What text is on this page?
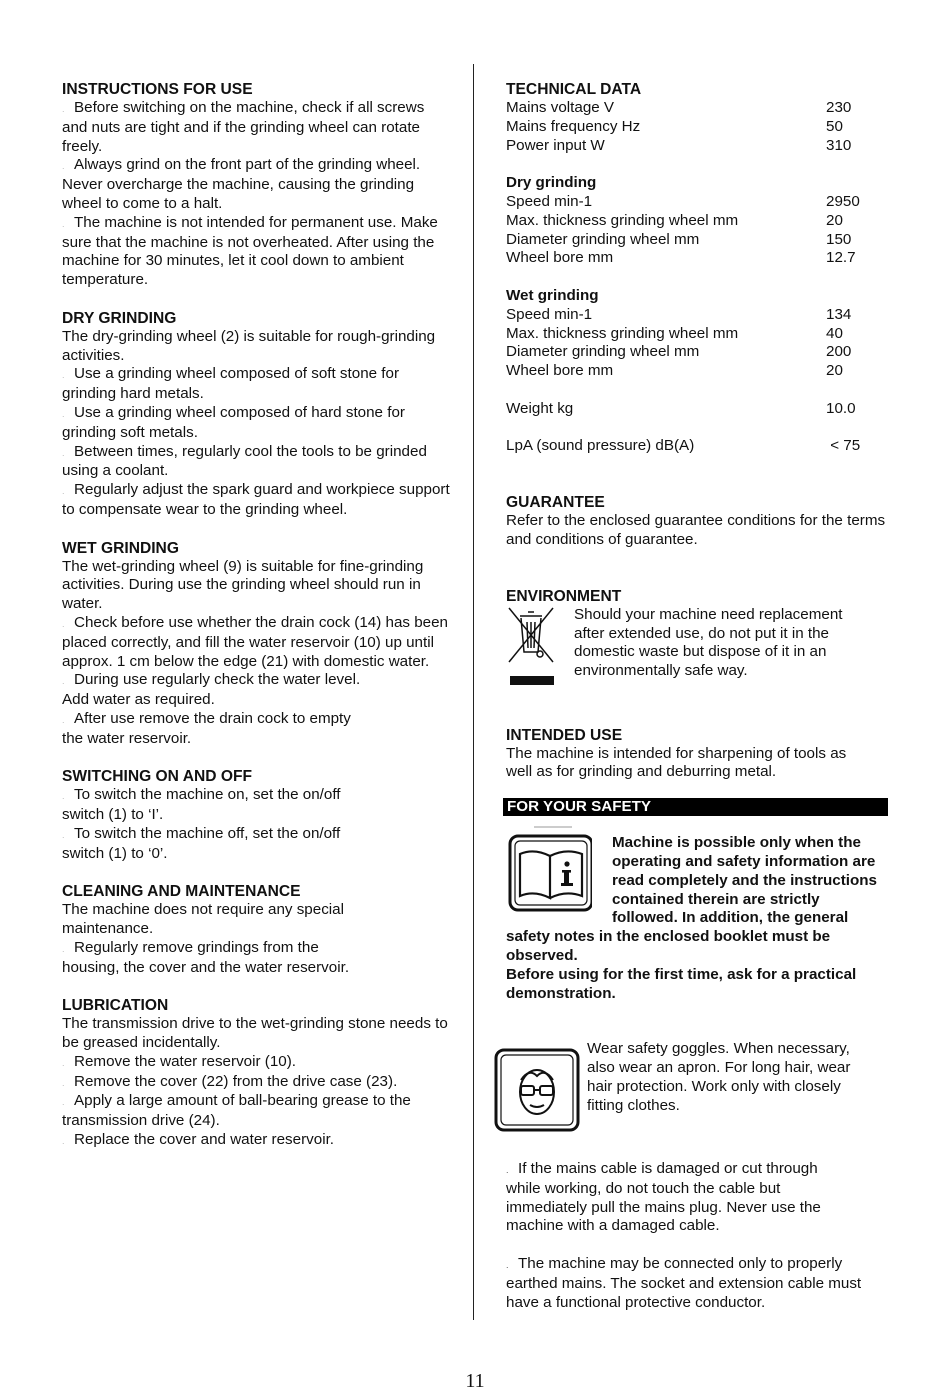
INSTRUCTIONS FOR USE

. Before switching on the machine, check if all screws and nuts are tight and if the grinding wheel can rotate freely.

. Always grind on the front part of the grinding wheel. Never overcharge the machine, causing the grinding wheel to come to a halt.

. The machine is not intended for permanent use. Make sure that the machine is not overheated. After using the machine for 30 minutes, let it cool down to ambient temperature.

DRY GRINDING

The dry-grinding wheel (2) is suitable for rough-grinding activities.

. Use a grinding wheel composed of soft stone for grinding hard metals.

. Use a grinding wheel composed of hard stone for grinding soft metals.

. Between times, regularly cool the tools to be grinded using a coolant.

. Regularly adjust the spark guard and workpiece support to compensate wear to the grinding wheel.

WET GRINDING

The wet-grinding wheel (9) is suitable for fine-grinding activities. During use the grinding wheel should run in water.

. Check before use whether the drain cock (14) has been placed correctly, and fill the water reservoir (10) up until approx. 1 cm below the edge (21) with domestic water.

. During use regularly check the water level.

Add water as required.

. After use remove the drain cock to empty

the water reservoir.

SWITCHING ON AND OFF

. To switch the machine on, set the on/off switch (1) to ‘I’.

. To switch the machine off, set the on/off switch (1) to ‘0’.

CLEANING AND MAINTENANCE

The machine does not require any special maintenance.

. Regularly remove grindings from the housing, the cover and the water reservoir.

LUBRICATION

The transmission drive to the wet-grinding stone needs to be greased incidentally.

. Remove the water reservoir (10).

. Remove the cover (22) from the drive case (23).

. Apply a large amount of ball-bearing grease to the transmission drive (24).

. Replace the cover and water reservoir.

TECHNICAL DATA
Mains voltage V	230
Mains frequency Hz	50
Power input W	310
Dry grinding
Speed min-1	2950
Max. thickness grinding wheel mm	20
Diameter grinding wheel mm	150
Wheel bore mm	12.7
Wet grinding
Speed min-1	134
Max. thickness grinding wheel mm	40
Diameter grinding wheel mm	200
Wheel bore mm	20
Weight kg	10.0
LpA (sound pressure) dB(A)	< 75
GUARANTEE

Refer to the enclosed guarantee conditions for the terms and conditions of guarantee.

ENVIRONMENT

Should your machine need replacement after extended use, do not put it in the domestic waste but dispose of it in an environmentally safe way.

INTENDED USE

The machine is intended for sharpening of tools as well as for grinding and deburring metal.

FOR YOUR SAFETY
Machine is possible only when the operating and safety information are read completely and the instructions contained therein are strictly followed. In addition, the general safety notes in the enclosed booklet must be observed.

Before using for the first time, ask for a practical demonstration.

Wear safety goggles. When necessary, also wear an apron. For long hair, wear hair protection. Work only with closely fitting clothes.

. If the mains cable is damaged or cut through while working, do not touch the cable but immediately pull the mains plug. Never use the machine with a damaged cable.

. The machine may be connected only to properly earthed mains. The socket and extension cable must have a functional protective conductor.

11
